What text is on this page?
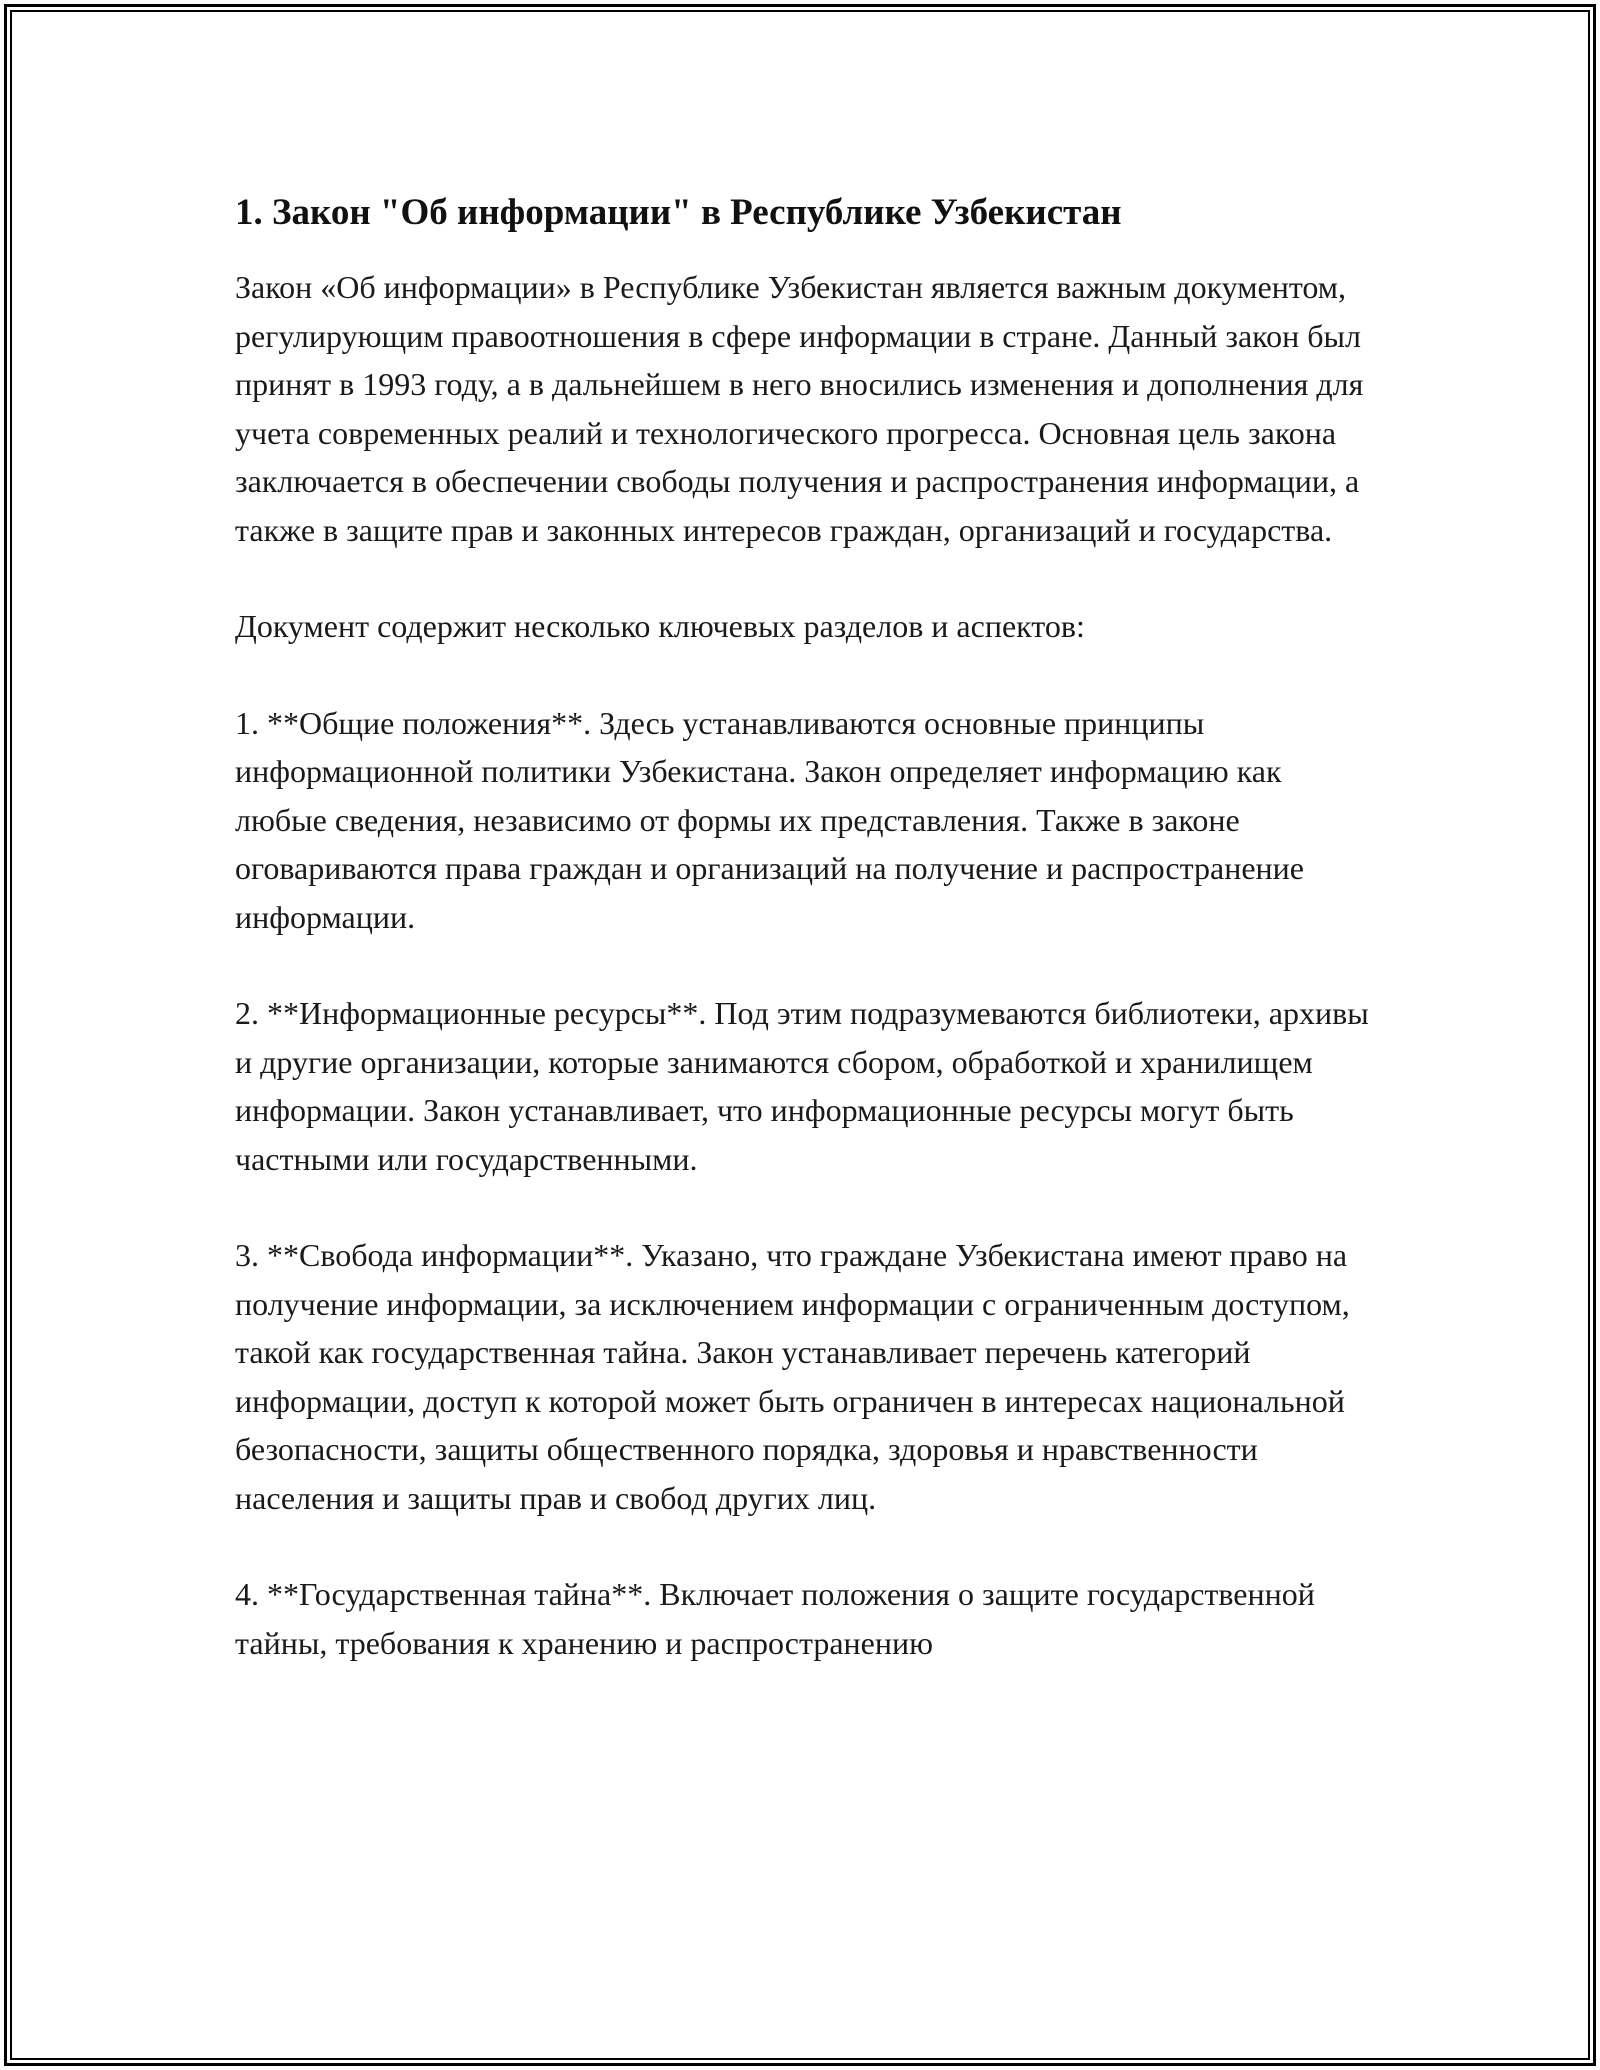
1. Закон "Об информации" в Республике Узбекистан

Закон «Об информации» в Республике Узбекистан является важным документом, регулирующим правоотношения в сфере информации в стране. Данный закон был принят в 1993 году, а в дальнейшем в него вносились изменения и дополнения для учета современных реалий и технологического прогресса. Основная цель закона заключается в обеспечении свободы получения и распространения информации, а также в защите прав и законных интересов граждан, организаций и государства.

Документ содержит несколько ключевых разделов и аспектов:

1. **Общие положения**. Здесь устанавливаются основные принципы информационной политики Узбекистана. Закон определяет информацию как любые сведения, независимо от формы их представления. Также в законе оговариваются права граждан и организаций на получение и распространение информации.

2. **Информационные ресурсы**. Под этим подразумеваются библиотеки, архивы и другие организации, которые занимаются сбором, обработкой и хранилищем информации. Закон устанавливает, что информационные ресурсы могут быть частными или государственными.

3. **Свобода информации**. Указано, что граждане Узбекистана имеют право на получение информации, за исключением информации с ограниченным доступом, такой как государственная тайна. Закон устанавливает перечень категорий информации, доступ к которой может быть ограничен в интересах национальной безопасности, защиты общественного порядка, здоровья и нравственности населения и защиты прав и свобод других лиц.

4. **Государственная тайна**. Включает положения о защите государственной тайны, требования к хранению и распространению
